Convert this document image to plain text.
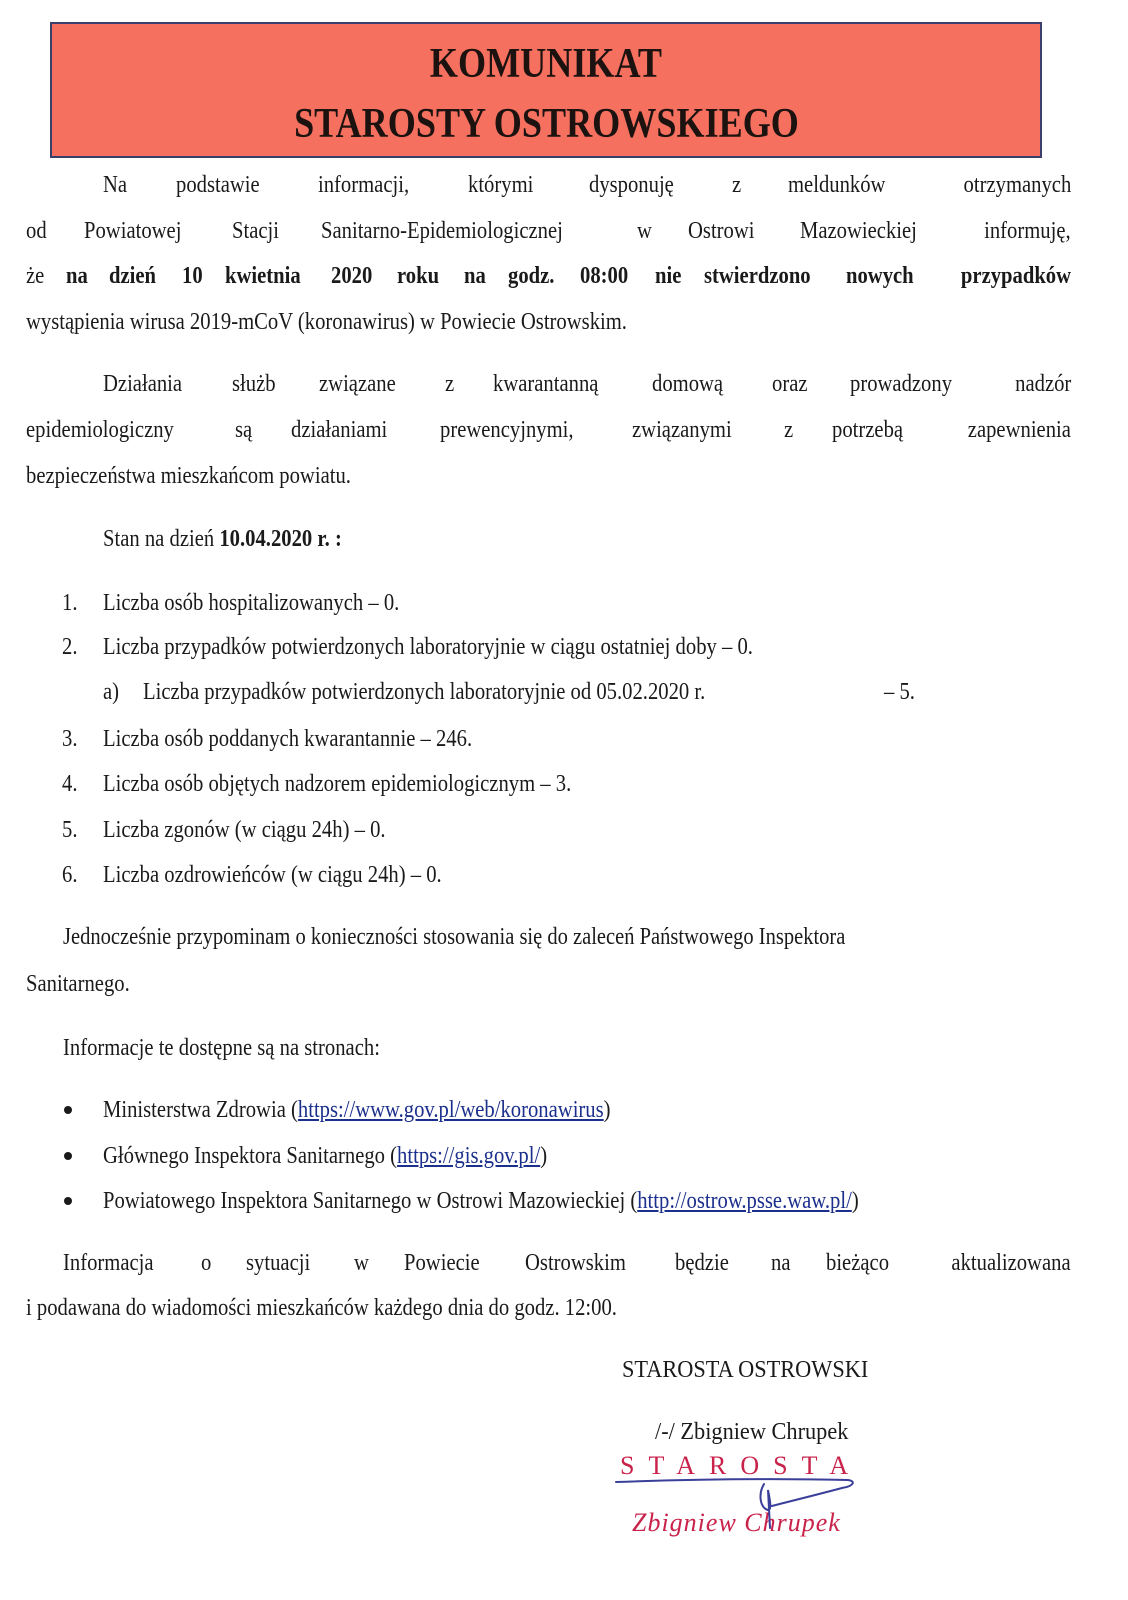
KOMUNIKAT
STAROSTY OSTROWSKIEGO
Na podstawie informacji, którymi dysponuję z meldunków	otrzymanych
od Powiatowej Stacji Sanitarno-Epidemiologicznej	w Ostrowi Mazowieckiej	informuję,
że na dzień 10 kwietnia 2020 roku na godz. 08:00 nie stwierdzono nowych przypadków
wystąpienia wirusa 2019-mCoV (koronawirus) w Powiecie Ostrowskim.
Działania służb związane z kwarantanną domową oraz prowadzony	nadzór
epidemiologiczny	są działaniami prewencyjnymi, związanymi z potrzebą	zapewnienia
bezpieczeństwa mieszkańcom powiatu.
Stan na dzień 10.04.2020 r. :
1. Liczba osób hospitalizowanych – 0.
2. Liczba przypadków potwierdzonych laboratoryjnie w ciągu ostatniej doby – 0.
a) Liczba przypadków potwierdzonych laboratoryjnie od 05.02.2020 r.	– 5.
3. Liczba osób poddanych kwarantannie – 246.
4. Liczba osób objętych nadzorem epidemiologicznym – 3.
5. Liczba zgonów (w ciągu 24h) – 0.
6. Liczba ozdrowieńców (w ciągu 24h) – 0.
Jednocześnie przypominam o konieczności stosowania się do zaleceń Państwowego Inspektora
Sanitarnego.
Informacje te dostępne są na stronach:
Ministerstwa Zdrowia (https://www.gov.pl/web/koronawirus)
Głównego Inspektora Sanitarnego (https://gis.gov.pl/)
Powiatowego Inspektora Sanitarnego w Ostrowi Mazowieckiej (http://ostrow.psse.waw.pl/)
Informacja o sytuacji w Powiecie Ostrowskim będzie na bieżąco	aktualizowana
i podawana do wiadomości mieszkańców każdego dnia do godz. 12:00.
STAROSTA OSTROWSKI
/-/ Zbigniew Chrupek
STAROSTA
Zbigniew Chrupek
